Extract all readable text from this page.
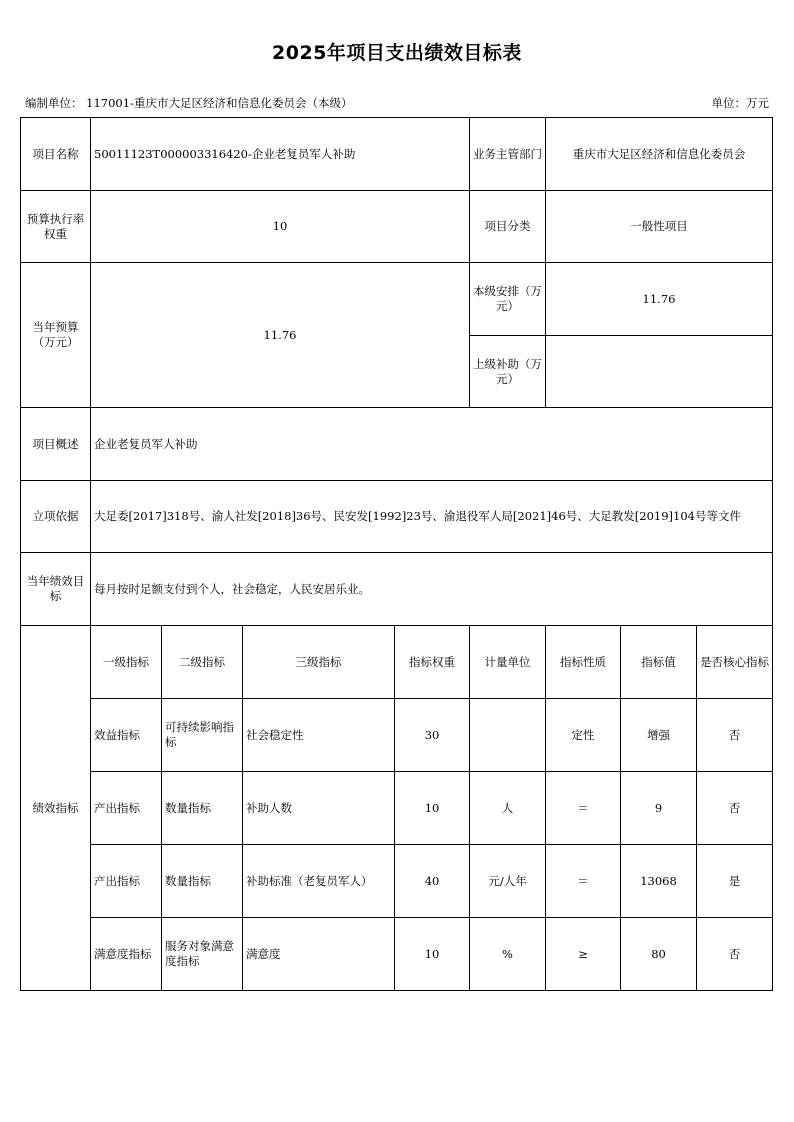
2025年项目支出绩效目标表
编制单位： 117001-重庆市大足区经济和信息化委员会（本级）	单位：万元
项目名称	50011123T000003316420-企业老复员军人补助				业务主管部门	重庆市大足区经济和信息化委员会		
预算执行率权重	10				项目分类	一般性项目		
当年预算（万元）	11.76				本级安排（万元）	11.76		
					上级补助（万元）			
项目概述	企业老复员军人补助							
立项依据	大足委[2017]318号、渝人社发[2018]36号、民安发[1992]23号、渝退役军人局[2021]46号、大足教发[2019]104号等文件							
当年绩效目标	每月按时足额支付到个人，社会稳定，人民安居乐业。							
绩效指标	一级指标	二级指标	三级指标	指标权重	计量单位	指标性质	指标值	是否核心指标
	效益指标	可持续影响指标	社会稳定性	30		定性	增强	否
	产出指标	数量指标	补助人数	10	人	＝	9	否
	产出指标	数量指标	补助标准（老复员军人）	40	元/人年	＝	13068	是
	满意度指标	服务对象满意度指标	满意度	10	%	≥	80	否
